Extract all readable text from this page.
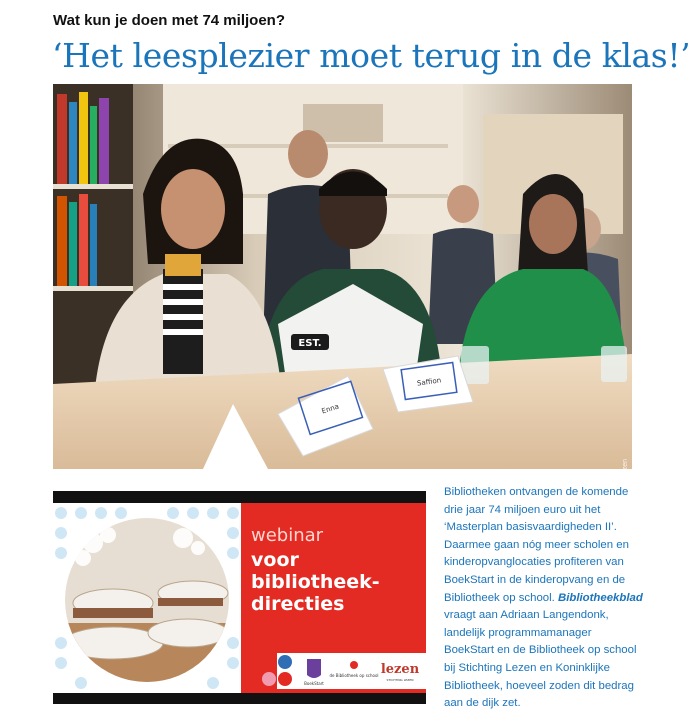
Wat kun je doen met 74 miljoen?
‘Het leesplezier moet terug in de klas!’
EST.
Enna
Saffion
Foto Stichting Lezen
webinar
voor
bibliotheek-
directies
BoekStart
de Bibliotheek op school lezen
STICHTING LEZEN
Bibliotheken ontvangen de komende drie jaar 74 miljoen euro uit het ‘Masterplan basisvaardigheden II’. Daarmee gaan nóg meer scholen en kinderopvanglocaties profiteren van BoekStart in de kinderopvang en de Bibliotheek op school. Bibliotheekblad vraagt aan Adriaan Langendonk, landelijk programmamanager BoekStart en de Bibliotheek op school bij Stichting Lezen en Koninklijke Bibliotheek, hoeveel zoden dit bedrag aan de dijk zet.
